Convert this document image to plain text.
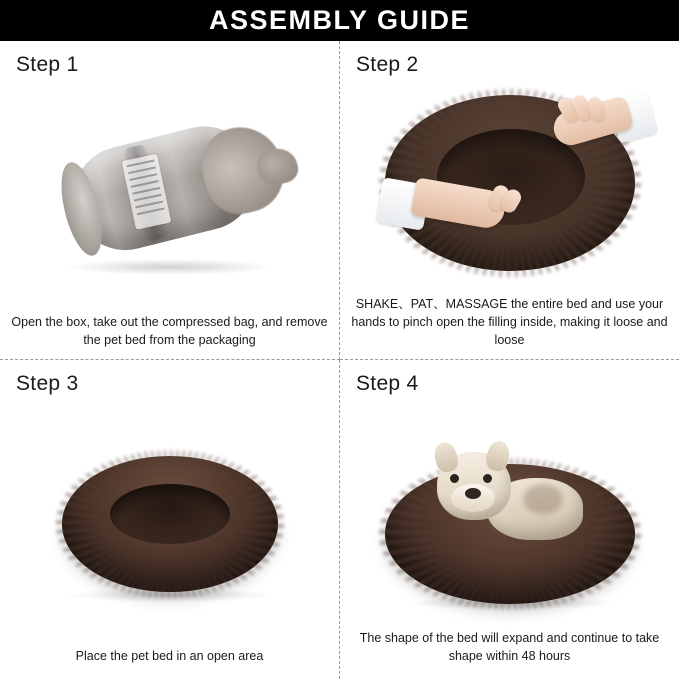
ASSEMBLY GUIDE
Step 1
Open the box, take out the compressed bag, and remove the pet bed from the packaging
Step 2
SHAKE、PAT、MASSAGE the entire bed and use your hands to pinch open the filling inside, making it loose and loose
Step 3
Place the pet bed in an open area
Step 4
The shape of the bed will expand and continue to take shape within 48 hours
